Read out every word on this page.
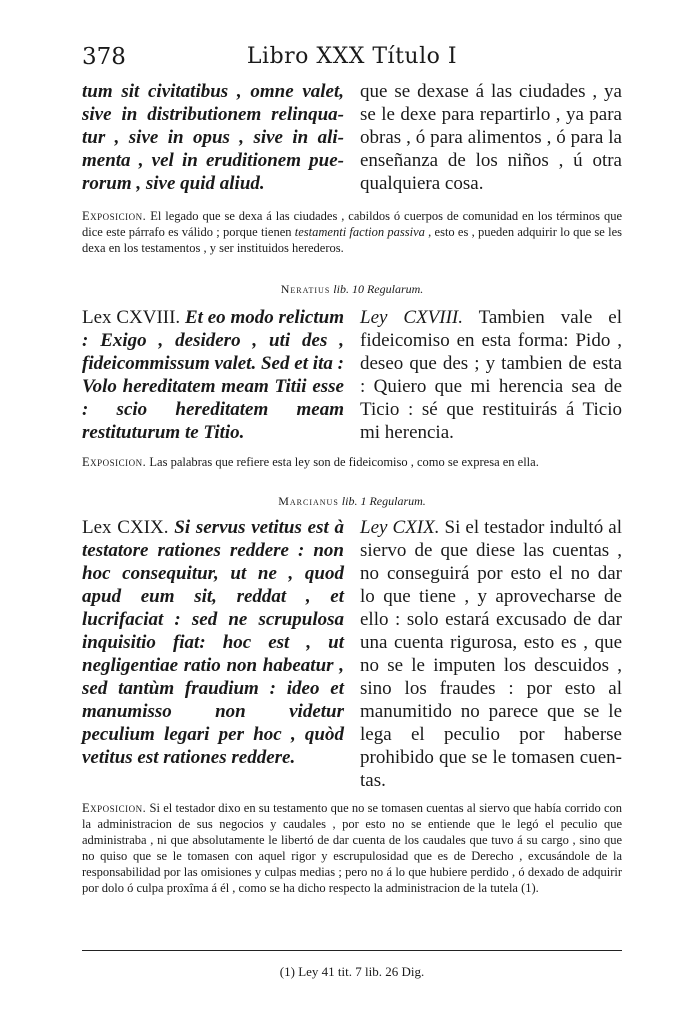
378	Libro XXX Título I

tum sit civitatibus , omne valet, sive in distributionem relinquatur , sive in opus , sive in alimenta , vel in eruditionem puerorum , sive quid aliud.

que se dexase á las ciudades , ya se le dexe para repartirlo , ya para obras , ó para alimentos , ó para la enseñanza de los niños , ú otra qualquiera cosa.

Exposicion. El legado que se dexa á las ciudades , cabildos ó cuerpos de comunidad en los términos que dice este párrafo es válido ; porque tienen testamenti faction passiva , esto es , pueden adquirir lo que se les dexa en los testamentos , y ser instituidos herederos.
Neratius lib. 10 Regularum.

Lex CXVIII. Et eo modo relictum : Exigo , desidero , uti des , fideicommissum valet. Sed et ita : Volo hereditatem meam Titii esse : scio hereditatem meam restituturum te Titio.

Ley CXVIII. Tambien vale el fideicomiso en esta forma: Pido , deseo que des ; y tambien de esta : Quiero que mi herencia sea de Ticio : sé que restituirás á Ticio mi herencia.

Exposicion. Las palabras que refiere esta ley son de fideicomiso , como se expresa en ella.
Marcianus lib. 1 Regularum.

Lex CXIX. Si servus vetitus est à testatore rationes reddere : non hoc consequitur, ut ne , quod apud eum sit, reddat , et lucrifaciat : sed ne scrupulosa inquisitio fiat: hoc est , ut negligentiae ratio non habeatur , sed tantùm fraudium : ideo et manumisso non videtur peculium legari per hoc , quòd vetitus est rationes reddere.

Ley CXIX. Si el testador indultó al siervo de que diese las cuentas , no conseguirá por esto el no dar lo que tiene , y aprovecharse de ello : solo estará excusado de dar una cuenta rigurosa, esto es , que no se le imputen los descuidos , sino los fraudes : por esto al manumitido no parece que se le lega el peculio por haberse prohibido que se le tomasen cuentas.

Exposicion. Si el testador dixo en su testamento que no se tomasen cuentas al siervo que había corrido con la administracion de sus negocios y caudales , por esto no se entiende que le legó el peculio que administraba , ni que absolutamente le libertó de dar cuenta de los caudales que tuvo á su cargo , sino que no quiso que se le tomasen con aquel rigor y escrupulosidad que es de Derecho , excusándole de la responsabilidad por las omisiones y culpas medias ; pero no á lo que hubiere perdido , ó dexado de adquirir por dolo ó culpa proxîma á él , como se ha dicho respecto la administracion de la tutela (1).
(1) Ley 41 tit. 7 lib. 26 Dig.
